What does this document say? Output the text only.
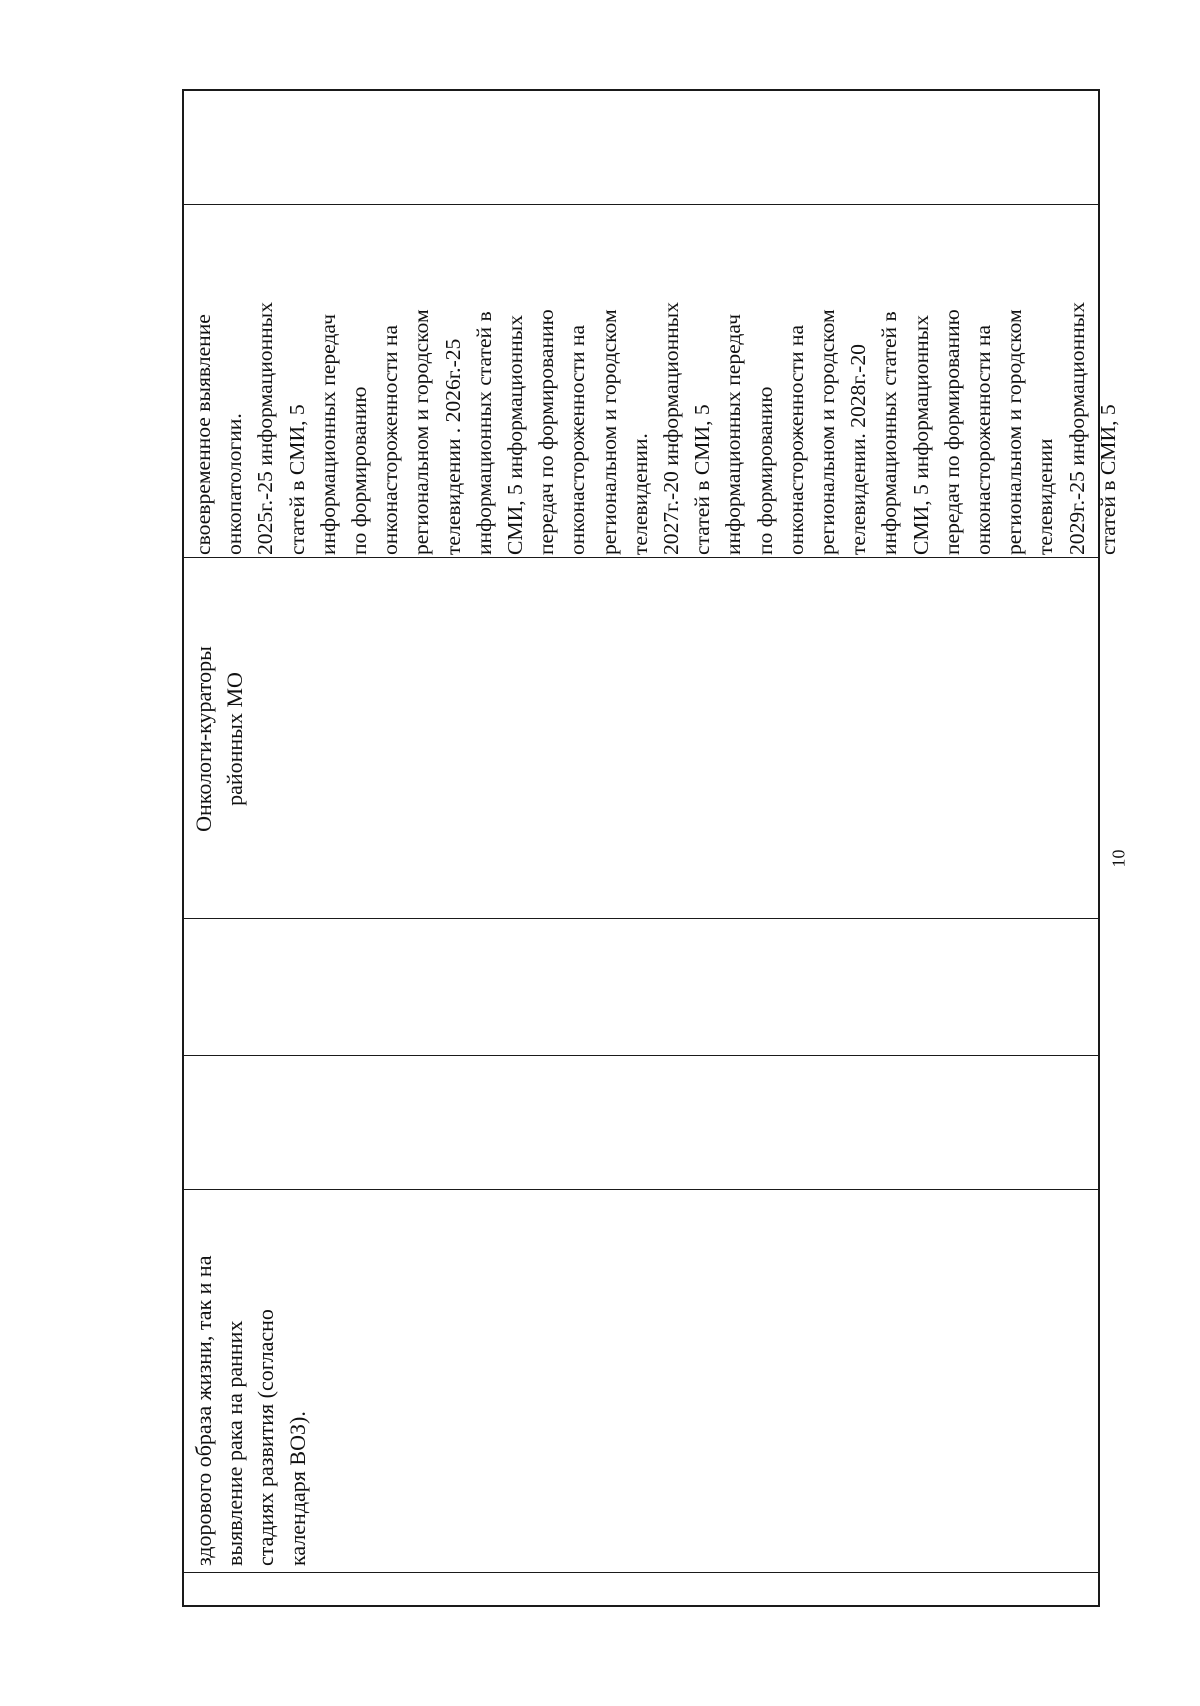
здорового образа жизни, так и на
выявление рака на ранних
стадиях развития (согласно
календаря ВОЗ).
Онкологи-кураторы
районных МО
своевременное выявление
онкопатологии.
2025г.-25 информационных
статей в СМИ, 5
информационных передач
по формированию
онконастороженности на
региональном и городском
телевидении . 2026г.-25
информационных статей в
СМИ, 5 информационных
передач по формированию
онконастороженности на
региональном и городском
телевидении.
2027г.-20 информационных
статей в СМИ, 5
информационных передач
по формированию
онконастороженности на
региональном и городском
телевидении. 2028г.-20
информационных статей в
СМИ, 5 информационных
передач по формированию
онконастороженности на
региональном и городском
телевидении
2029г.-25 информационных
статей в СМИ, 5
10
